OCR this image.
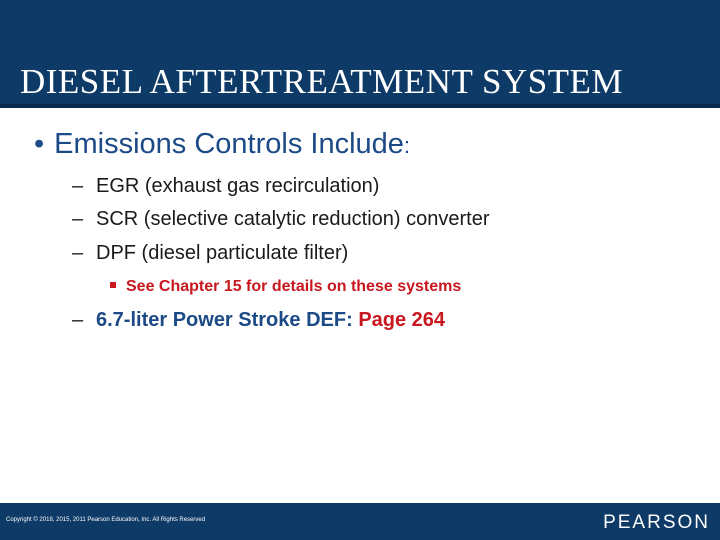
DIESEL AFTERTREATMENT SYSTEM
• Emissions Controls Include:
– EGR (exhaust gas recirculation)
– SCR (selective catalytic reduction) converter
– DPF (diesel particulate filter)
See Chapter 15 for details on these systems
– 6.7-liter Power Stroke DEF: Page 264
Copyright © 2018, 2015, 2011 Pearson Education, Inc. All Rights Reserved	PEARSON
